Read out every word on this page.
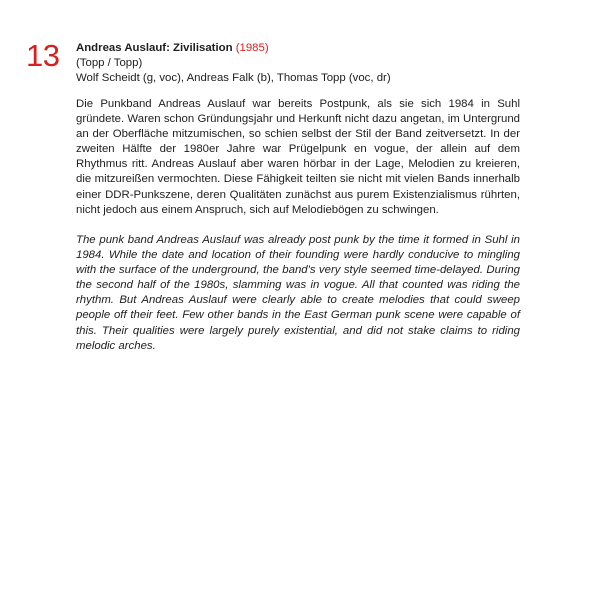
13 Andreas Auslauf: Zivilisation (1985)
(Topp / Topp)
Wolf Scheidt (g, voc), Andreas Falk (b), Thomas Topp (voc, dr)

Die Punkband Andreas Auslauf war bereits Postpunk, als sie sich 1984 in Suhl gründete. Waren schon Gründungsjahr und Herkunft nicht dazu angetan, im Untergrund an der Oberfläche mitzumischen, so schien selbst der Stil der Band zeitversetzt. In der zweiten Hälfte der 1980er Jahre war Prügelpunk en vogue, der allein auf dem Rhythmus ritt. Andreas Auslauf aber waren hörbar in der Lage, Melodien zu kreieren, die mitzureißen vermochten. Diese Fähigkeit teilten sie nicht mit vielen Bands innerhalb einer DDR-Punkszene, deren Qualitäten zunächst aus purem Existenzialismus rührten, nicht jedoch aus einem Anspruch, sich auf Melodiebögen zu schwingen.

The punk band Andreas Auslauf was already post punk by the time it formed in Suhl in 1984. While the date and location of their founding were hardly conducive to mingling with the surface of the underground, the band's very style seemed time-delayed. During the second half of the 1980s, slamming was in vogue. All that counted was riding the rhythm. But Andreas Auslauf were clearly able to create melodies that could sweep people off their feet. Few other bands in the East German punk scene were capable of this. Their qualities were largely purely existential, and did not stake claims to riding melodic arches.
